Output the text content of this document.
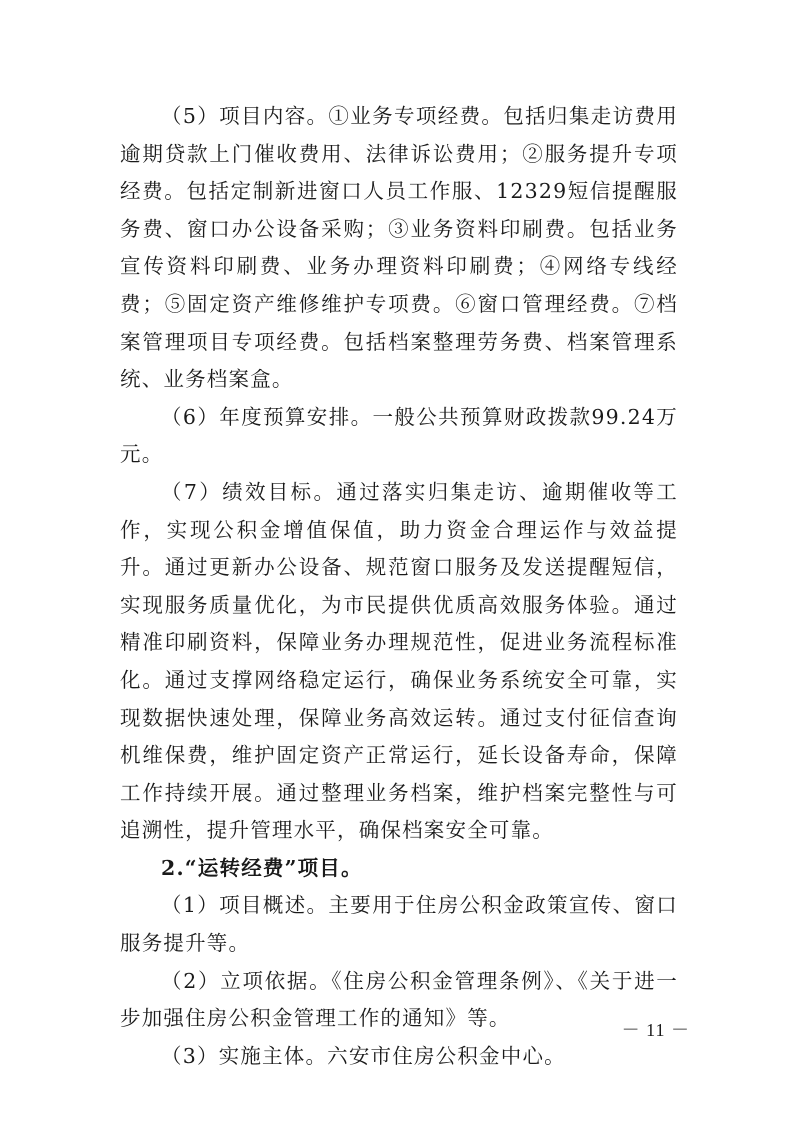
（5）项目内容。①业务专项经费。包括归集走访费用逾期贷款上门催收费用、法律诉讼费用；②服务提升专项经费。包括定制新进窗口人员工作服、12329短信提醒服务费、窗口办公设备采购；③业务资料印刷费。包括业务宣传资料印刷费、业务办理资料印刷费；④网络专线经费；⑤固定资产维修维护专项费。⑥窗口管理经费。⑦档案管理项目专项经费。包括档案整理劳务费、档案管理系统、业务档案盒。

（6）年度预算安排。一般公共预算财政拨款99.24万元。

（7）绩效目标。通过落实归集走访、逾期催收等工作，实现公积金增值保值，助力资金合理运作与效益提升。通过更新办公设备、规范窗口服务及发送提醒短信，实现服务质量优化，为市民提供优质高效服务体验。通过精准印刷资料，保障业务办理规范性，促进业务流程标准化。通过支撑网络稳定运行，确保业务系统安全可靠，实现数据快速处理，保障业务高效运转。通过支付征信查询机维保费，维护固定资产正常运行，延长设备寿命，保障工作持续开展。通过整理业务档案，维护档案完整性与可追溯性，提升管理水平，确保档案安全可靠。

2.“运转经费”项目。

（1）项目概述。主要用于住房公积金政策宣传、窗口服务提升等。

（2）立项依据。《住房公积金管理条例》、《关于进一步加强住房公积金管理工作的通知》等。

（3）实施主体。六安市住房公积金中心。

－ 11 －
